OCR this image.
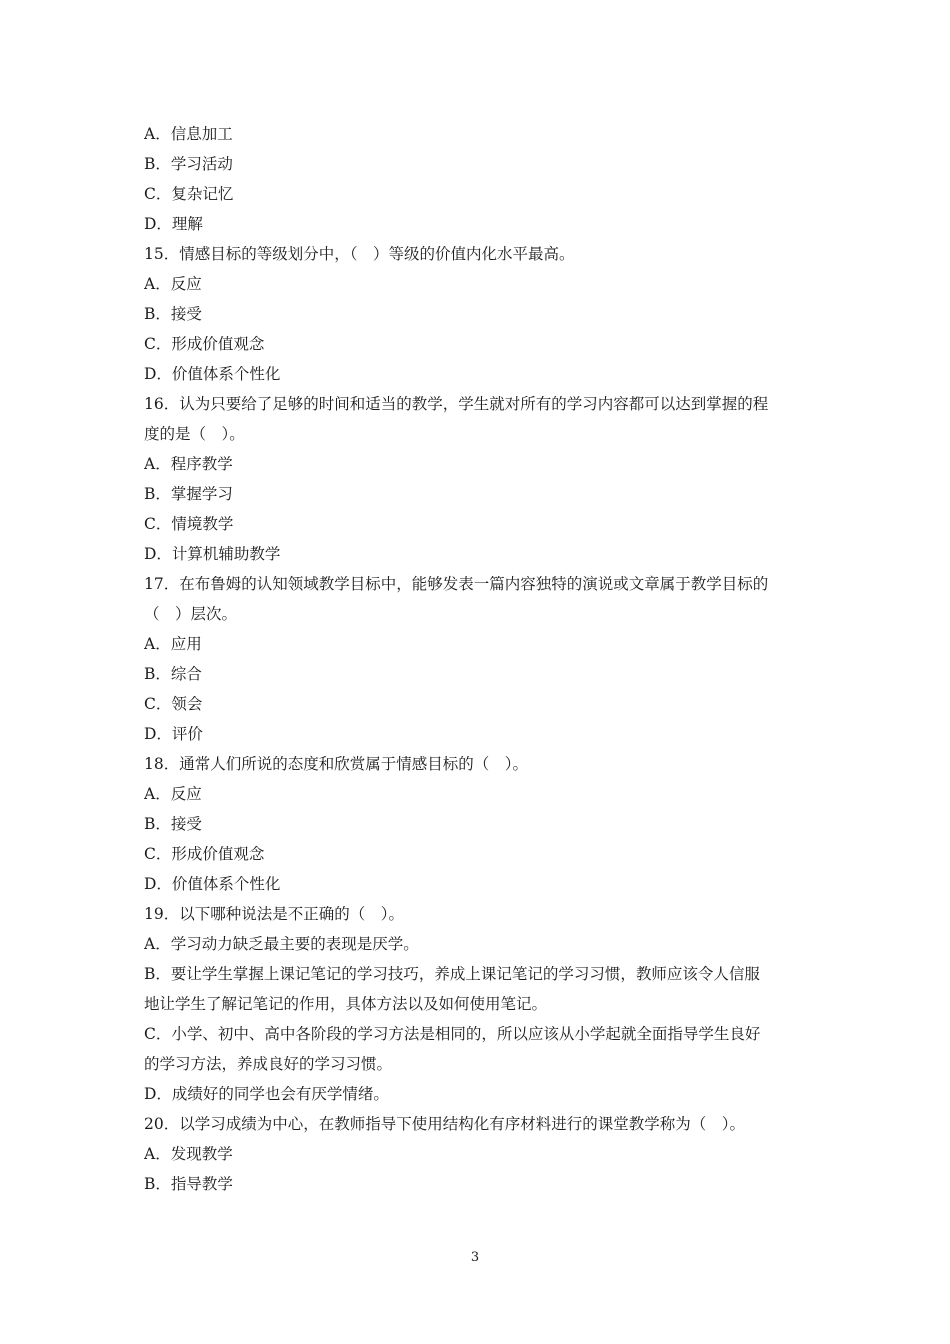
A．信息加工
B．学习活动
C．复杂记忆
D．理解
15．情感目标的等级划分中，（　）等级的价值内化水平最高。
A．反应
B．接受
C．形成价值观念
D．价值体系个性化
16．认为只要给了足够的时间和适当的教学，学生就对所有的学习内容都可以达到掌握的程
度的是（　）。
A．程序教学
B．掌握学习
C．情境教学
D．计算机辅助教学
17．在布鲁姆的认知领域教学目标中，能够发表一篇内容独特的演说或文章属于教学目标的
（　）层次。
A．应用
B．综合
C．领会
D．评价
18．通常人们所说的态度和欣赏属于情感目标的（　）。
A．反应
B．接受
C．形成价值观念
D．价值体系个性化
19．以下哪种说法是不正确的（　）。
A．学习动力缺乏最主要的表现是厌学。
B．要让学生掌握上课记笔记的学习技巧，养成上课记笔记的学习习惯，教师应该令人信服
地让学生了解记笔记的作用，具体方法以及如何使用笔记。
C．小学、初中、高中各阶段的学习方法是相同的，所以应该从小学起就全面指导学生良好
的学习方法，养成良好的学习习惯。
D．成绩好的同学也会有厌学情绪。
20．以学习成绩为中心，在教师指导下使用结构化有序材料进行的课堂教学称为（　）。
A．发现教学
B．指导教学
3
